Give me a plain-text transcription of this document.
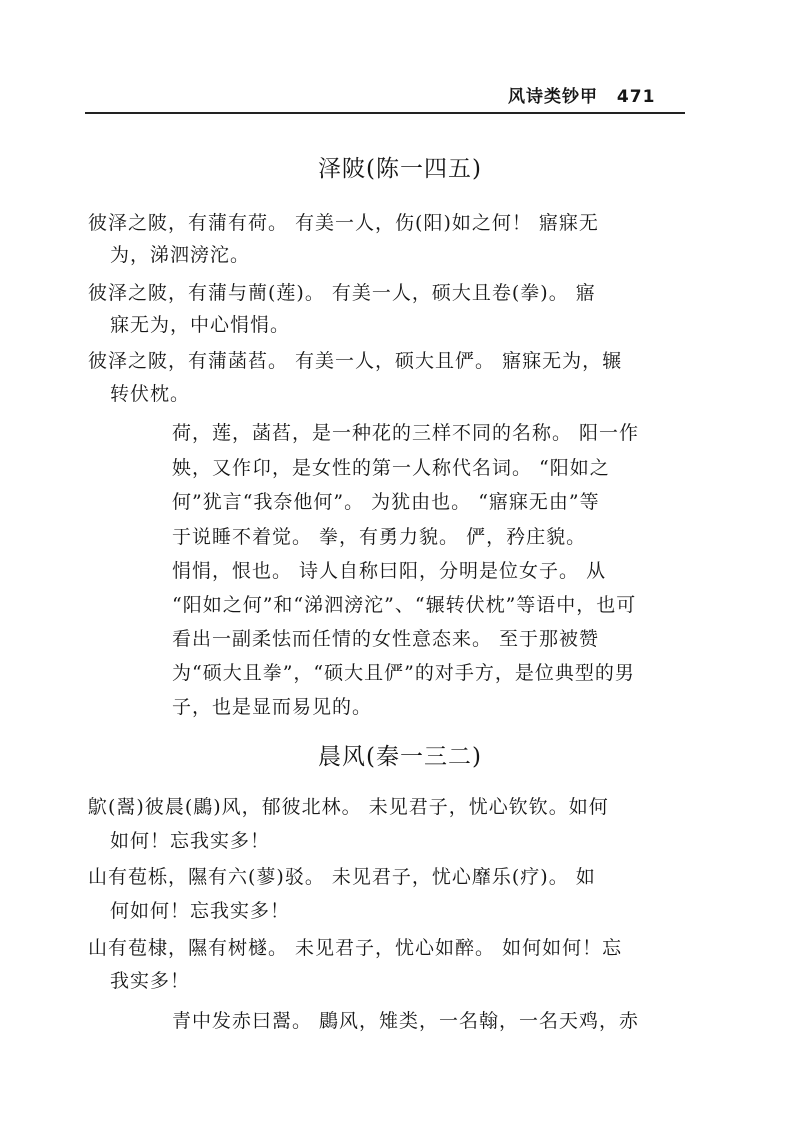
风诗类钞甲 471
泽陂(陈一四五)
彼泽之陂，有蒲有荷。 有美一人，伤(阳)如之何！ 寤寐无
为，涕泗滂沱。
彼泽之陂，有蒲与蕳(莲)。 有美一人，硕大且卷(拳)。 寤
寐无为，中心悁悁。
彼泽之陂，有蒲菡萏。 有美一人，硕大且俨。 寤寐无为，辗
转伏枕。
荷，莲，菡萏，是一种花的三样不同的名称。 阳一作
姎，又作卬，是女性的第一人称代名词。 “阳如之
何”犹言“我奈他何”。 为犹由也。 “寤寐无由”等
于说睡不着觉。 拳，有勇力貌。 俨，矜庄貌。
悁悁，恨也。 诗人自称曰阳，分明是位女子。 从
“阳如之何”和“涕泗滂沱”、“辗转伏枕”等语中，也可
看出一副柔怯而任情的女性意态来。 至于那被赞
为“硕大且拳”，“硕大且俨”的对手方，是位典型的男
子，也是显而易见的。
晨风(秦一三二)
鴥(翯)彼晨(鷐)风，郁彼北林。 未见君子，忧心钦钦。如何
如何！忘我实多！
山有苞栎，隰有六(蓼)驳。 未见君子，忧心靡乐(疗)。 如
何如何！忘我实多！
山有苞棣，隰有树檖。 未见君子，忧心如醉。 如何如何！忘
我实多！
青中发赤曰翯。 鷐风，雉类，一名翰，一名天鸡，赤
